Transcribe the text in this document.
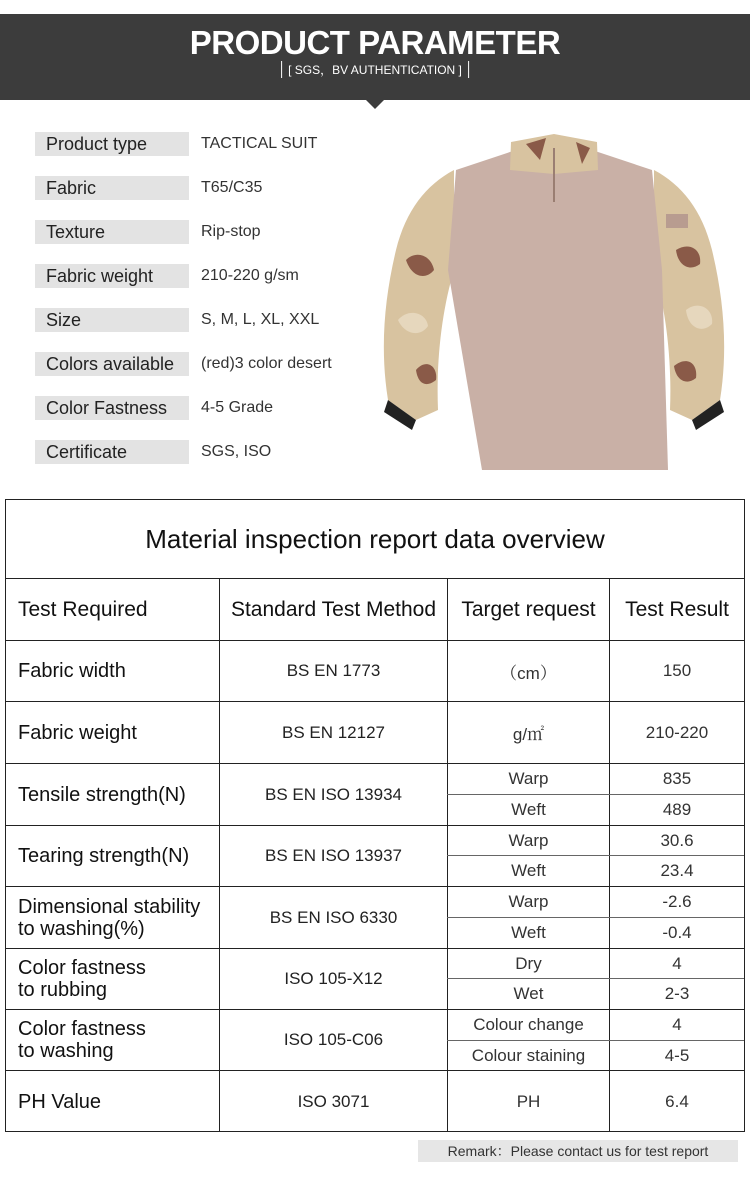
PRODUCT PARAMETER
[ SGS，BV AUTHENTICATION ]
Product type	TACTICAL SUIT
Fabric	T65/C35
Texture	Rip-stop
Fabric weight	210-220 g/sm
Size	S, M, L, XL, XXL
Colors available	(red)3 color desert
Color Fastness	4-5 Grade
Certificate	SGS, ISO
Material inspection report data overview
Test Required	Standard Test Method	Target request	Test Result
Fabric width	BS EN 1773	（cm）	150
Fabric weight	BS EN 12127	g/㎡	210-220
Tensile strength(N)	BS EN ISO 13934
Warp	835
Weft	489
Tearing strength(N)	BS EN ISO 13937
Warp	30.6
Weft	23.4
Dimensional stability
to washing(%)
BS EN ISO 6330
Warp	-2.6
Weft	-0.4
Color fastness
to rubbing
ISO 105-X12
Dry	4
Wet	2-3
Color fastness
to washing
ISO 105-C06
Colour change	4
Colour staining	4-5
PH Value	ISO 3071	PH	6.4
Remark：Please contact us for test report
